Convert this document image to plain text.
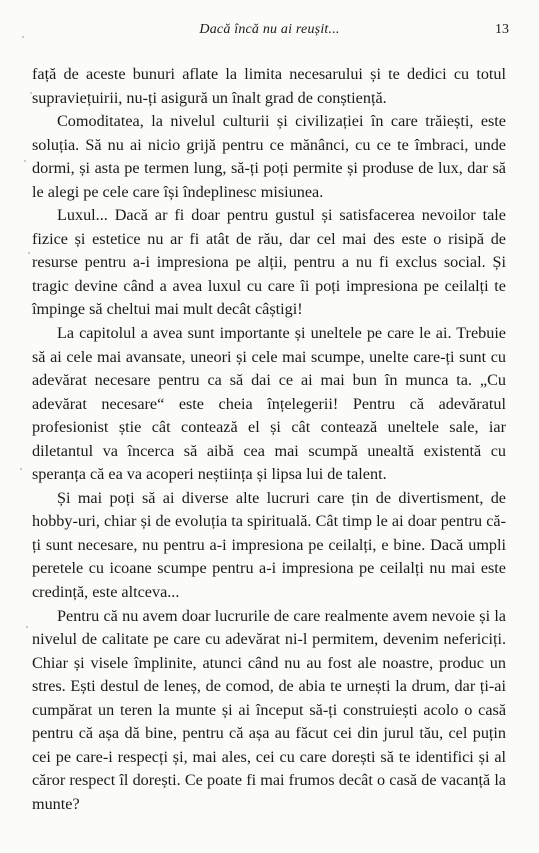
Dacă încă nu ai reușit...	13

față de aceste bunuri aflate la limita necesarului și te dedici cu totul supraviețuirii, nu-ți asigură un înalt grad de conștiență.

Comoditatea, la nivelul culturii și civilizației în care trăiești, este soluția. Să nu ai nicio grijă pentru ce mănânci, cu ce te îmbraci, unde dormi, și asta pe termen lung, să-ți poți permite și produse de lux, dar să le alegi pe cele care își îndeplinesc misiunea.

Luxul... Dacă ar fi doar pentru gustul și satisfacerea nevoilor tale fizice și estetice nu ar fi atât de rău, dar cel mai des este o risipă de resurse pentru a-i impresiona pe alții, pentru a nu fi exclus social. Și tragic devine când a avea luxul cu care îi poți impresiona pe ceilalți te împinge să cheltui mai mult decât câștigi!

La capitolul a avea sunt importante și uneltele pe care le ai. Trebuie să ai cele mai avansate, uneori și cele mai scumpe, unelte care-ți sunt cu adevărat necesare pentru ca să dai ce ai mai bun în munca ta. „Cu adevărat necesare“ este cheia înțelegerii! Pentru că adevăratul profesionist știe cât contează el și cât contează uneltele sale, iar diletantul va încerca să aibă cea mai scumpă unealtă existentă cu speranța că ea va acoperi neștiința și lipsa lui de talent.

Și mai poți să ai diverse alte lucruri care țin de divertisment, de hobby-uri, chiar și de evoluția ta spirituală. Cât timp le ai doar pentru că-ți sunt necesare, nu pentru a-i impresiona pe ceilalți, e bine. Dacă umpli peretele cu icoane scumpe pentru a-i impresiona pe ceilalți nu mai este credință, este altceva...

Pentru că nu avem doar lucrurile de care realmente avem nevoie și la nivelul de calitate pe care cu adevărat ni-l permitem, devenim nefericiți. Chiar și visele împlinite, atunci când nu au fost ale noastre, produc un stres. Ești destul de leneș, de comod, de abia te urnești la drum, dar ți-ai cumpărat un teren la munte și ai început să-ți construiești acolo o casă pentru că așa dă bine, pentru că așa au făcut cei din jurul tău, cel puțin cei pe care-i respecți și, mai ales, cei cu care dorești să te identifici și al căror respect îl dorești. Ce poate fi mai frumos decât o casă de vacanță la munte?
